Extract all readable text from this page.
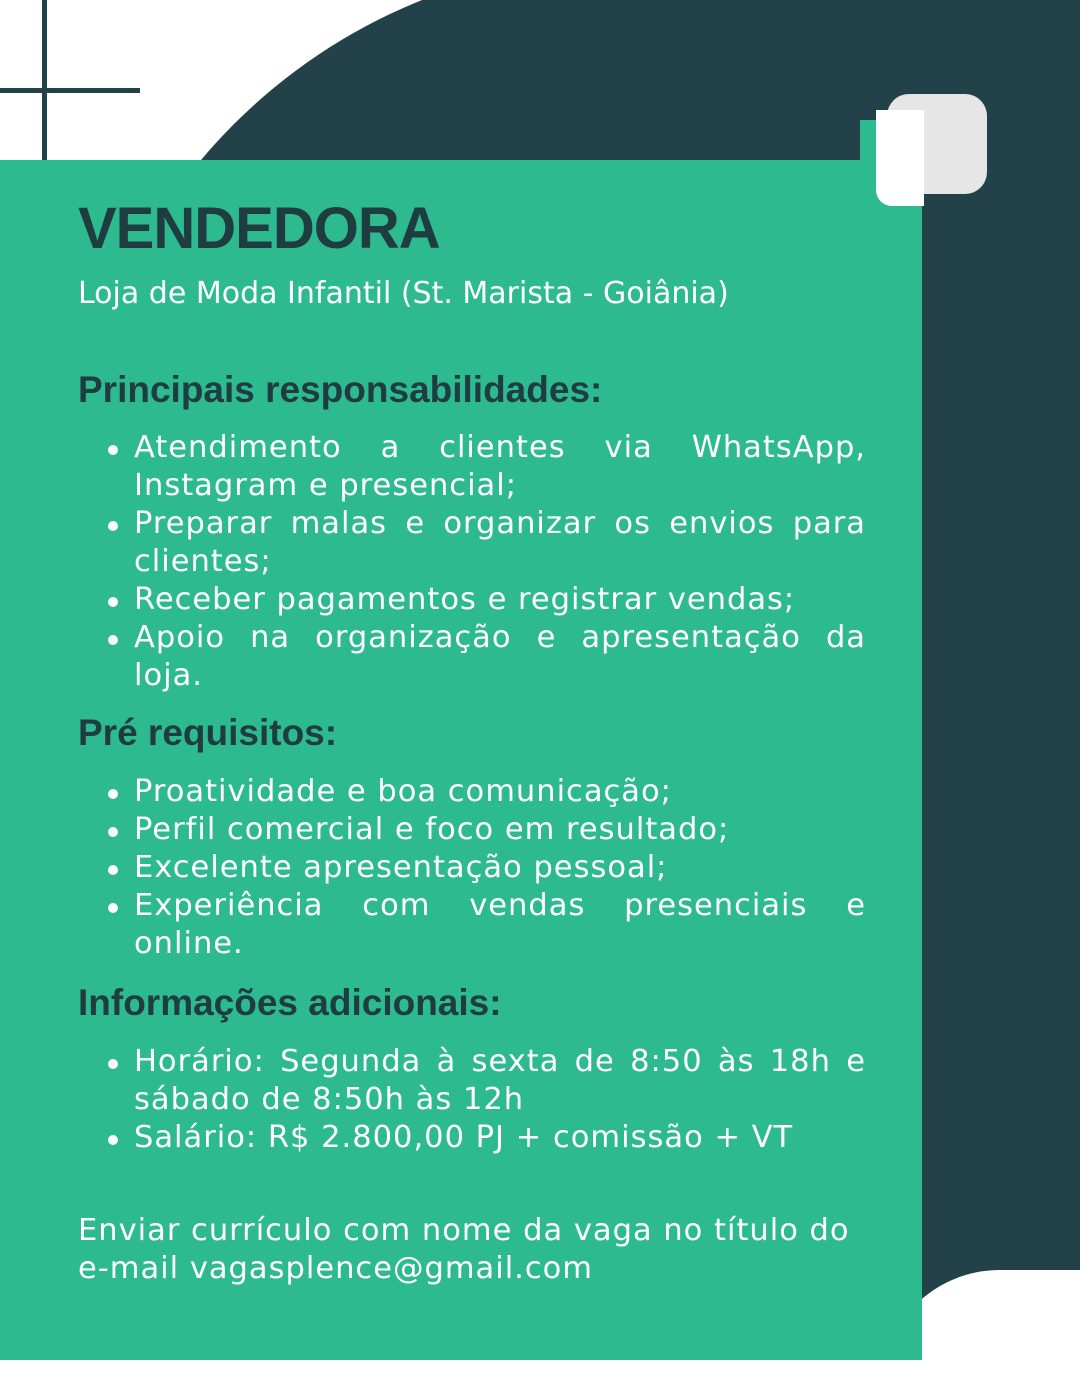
VENDEDORA

Loja de Moda Infantil (St. Marista - Goiânia)

Principais responsabilidades:
Atendimento a clientes via WhatsApp, Instagram e presencial;
Preparar malas e organizar os envios para clientes;
Receber pagamentos e registrar vendas;
Apoio na organização e apresentação da loja.
Pré requisitos:
Proatividade e boa comunicação;
Perfil comercial e foco em resultado;
Excelente apresentação pessoal;
Experiência com vendas presenciais e online.
Informações adicionais:
Horário: Segunda à sexta de 8:50 às 18h e sábado de 8:50h às 12h
Salário: R$ 2.800,00 PJ + comissão + VT

Enviar currículo com nome da vaga no título do e-mail vagasplence@gmail.com
